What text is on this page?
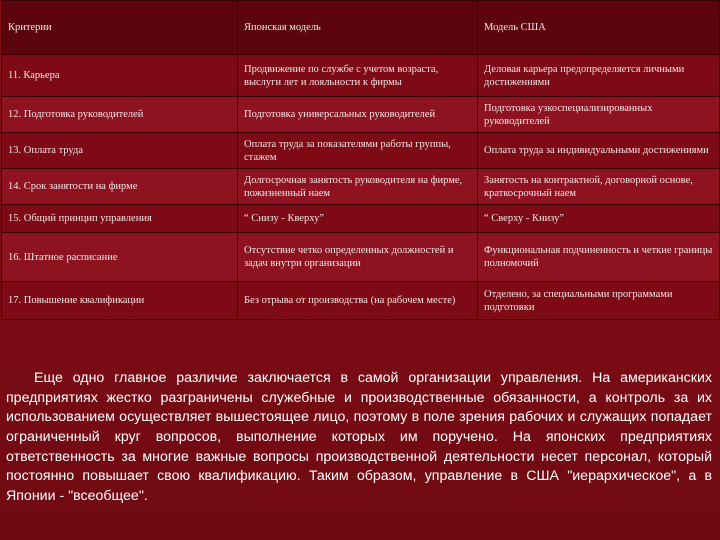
Критерии	Японская модель	Модель США
11. Карьера	Продвижение по службе с учетом возраста, выслуги лет и лояльности к фирмы	Деловая карьера предопределяется личными достижениями
12. Подготовка руководителей	Подготовка универсальных руководителей	Подготовка узкоспециализированных руководителей
13. Оплата труда	Оплата труда за показателями работы группы, стажем	Оплата труда за индивидуальными достижениями
14. Срок занятости на фирме	Долгосрочная занятость руководителя на фирме, пожизненный наем	Занятость на контрактной, договорной основе, краткосрочный наем
15. Общий принцип управления	“ Снизу - Кверху”	“ Сверху - Книзу”
16. Штатное расписание	Отсутствие четко определенных должностей и задач внутри организации	Функциональная подчиненность и четкие границы полномочий
17. Повышение квалификации	Без отрыва от производства (на рабочем месте)	Отделено, за специальными программами подготовки

Еще одно главное различие заключается в самой организации управления. На американских предприятиях жестко разграничены служебные и производственные обязанности, а контроль за их использованием осуществляет вышестоящее лицо, поэтому в поле зрения рабочих и служащих попадает ограниченный круг вопросов, выполнение которых им поручено. На японских предприятиях ответственность за многие важные вопросы производственной деятельности несет персонал, который постоянно повышает свою квалификацию. Таким образом, управление в США "иерархическое", а в Японии - "всеобщее".
